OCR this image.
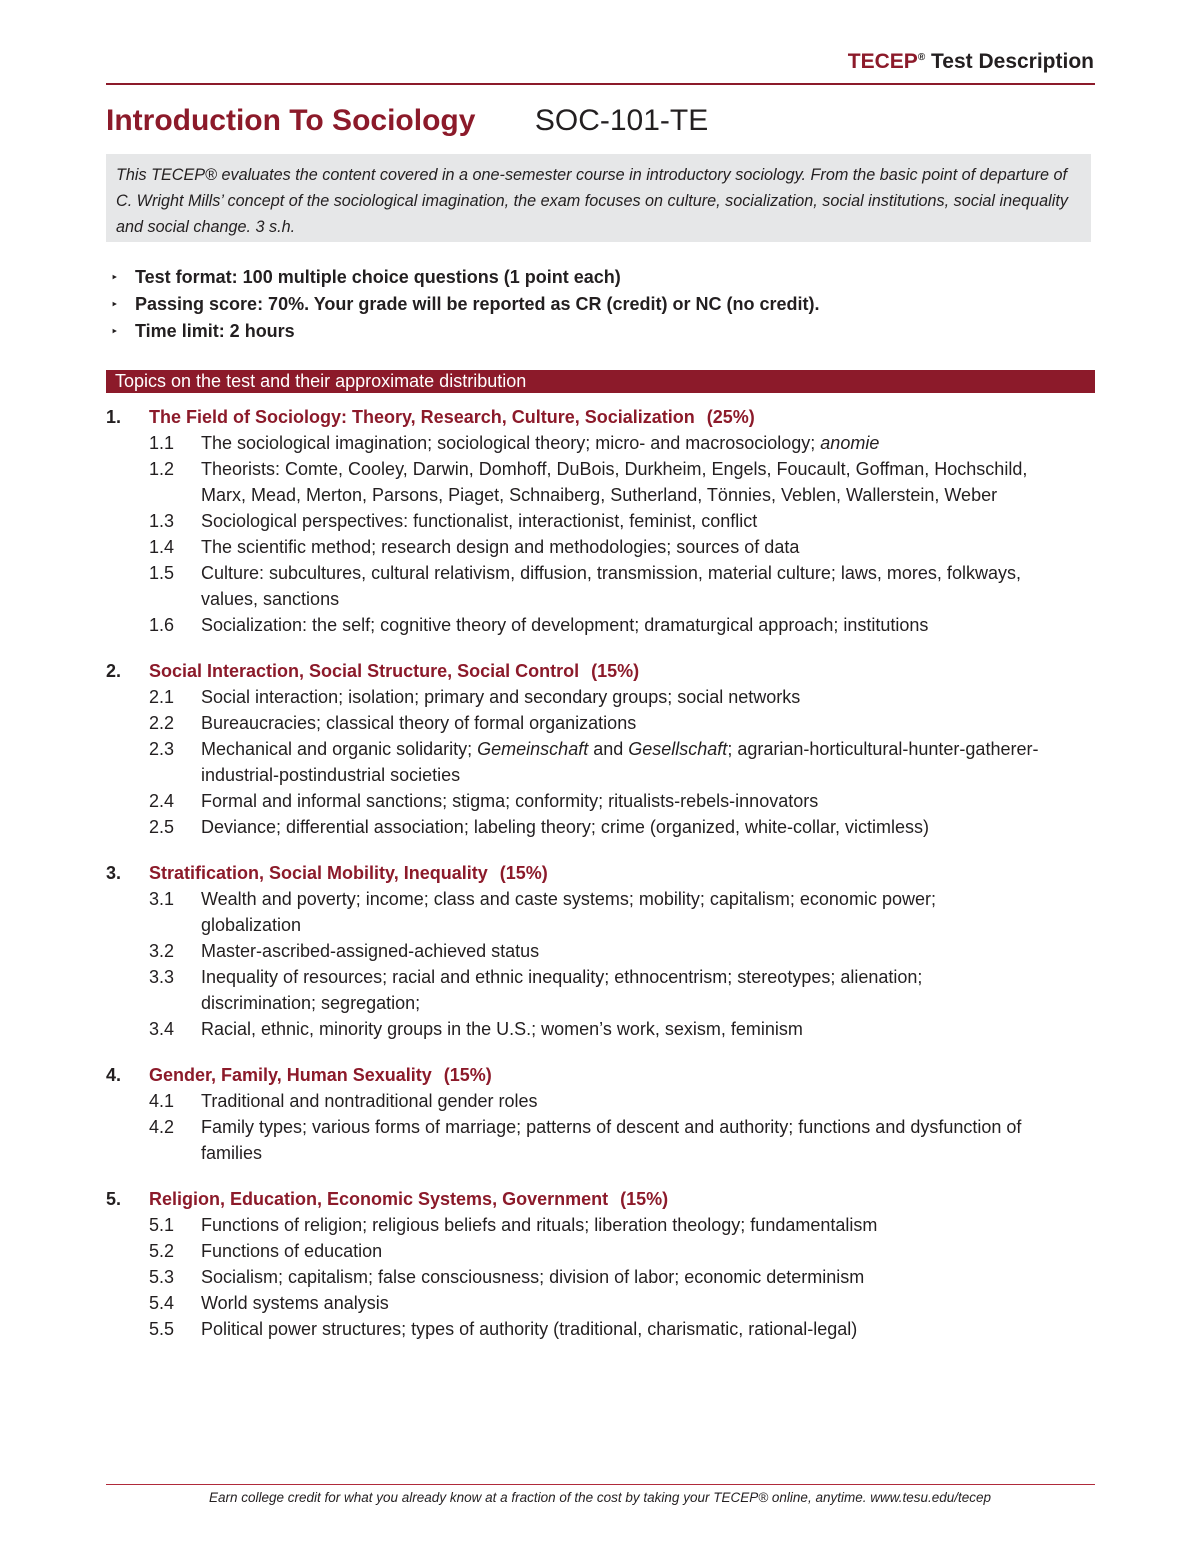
TECEP® Test Description
Introduction To Sociology SOC-101-TE
This TECEP® evaluates the content covered in a one-semester course in introductory sociology. From the basic point of departure of C. Wright Mills’ concept of the sociological imagination, the exam focuses on culture, socialization, social institutions, social inequality and social change. 3 s.h.
‣ Test format: 100 multiple choice questions (1 point each)
‣ Passing score: 70%. Your grade will be reported as CR (credit) or NC (no credit).
‣ Time limit: 2 hours
Topics on the test and their approximate distribution
1. The Field of Sociology: Theory, Research, Culture, Socialization (25%)
1.1	The sociological imagination; sociological theory; micro- and macrosociology; anomie
1.2	Theorists: Comte, Cooley, Darwin, Domhoff, DuBois, Durkheim, Engels, Foucault, Goffman, Hochschild, Marx, Mead, Merton, Parsons, Piaget, Schnaiberg, Sutherland, Tönnies, Veblen, Wallerstein, Weber
1.3	Sociological perspectives: functionalist, interactionist, feminist, conflict
1.4	The scientific method; research design and methodologies; sources of data
1.5	Culture: subcultures, cultural relativism, diffusion, transmission, material culture; laws, mores, folkways, values, sanctions
1.6	Socialization: the self; cognitive theory of development; dramaturgical approach; institutions
2. Social Interaction, Social Structure, Social Control (15%)
2.1	Social interaction; isolation; primary and secondary groups; social networks
2.2	Bureaucracies; classical theory of formal organizations
2.3	Mechanical and organic solidarity; Gemeinschaft and Gesellschaft; agrarian-horticultural-hunter-gatherer-industrial-postindustrial societies
2.4	Formal and informal sanctions; stigma; conformity; ritualists-rebels-innovators
2.5	Deviance; differential association; labeling theory; crime (organized, white-collar, victimless)
3. Stratification, Social Mobility, Inequality (15%)
3.1	Wealth and poverty; income; class and caste systems; mobility; capitalism; economic power; globalization
3.2	Master-ascribed-assigned-achieved status
3.3	Inequality of resources; racial and ethnic inequality; ethnocentrism; stereotypes; alienation; discrimination; segregation;
3.4	Racial, ethnic, minority groups in the U.S.; women’s work, sexism, feminism
4. Gender, Family, Human Sexuality (15%)
4.1	Traditional and nontraditional gender roles
4.2	Family types; various forms of marriage; patterns of descent and authority; functions and dysfunction of families
5. Religion, Education, Economic Systems, Government (15%)
5.1	Functions of religion; religious beliefs and rituals; liberation theology; fundamentalism
5.2	Functions of education
5.3	Socialism; capitalism; false consciousness; division of labor; economic determinism
5.4	World systems analysis
5.5	Political power structures; types of authority (traditional, charismatic, rational-legal)
Earn college credit for what you already know at a fraction of the cost by taking your TECEP® online, anytime. www.tesu.edu/tecep
